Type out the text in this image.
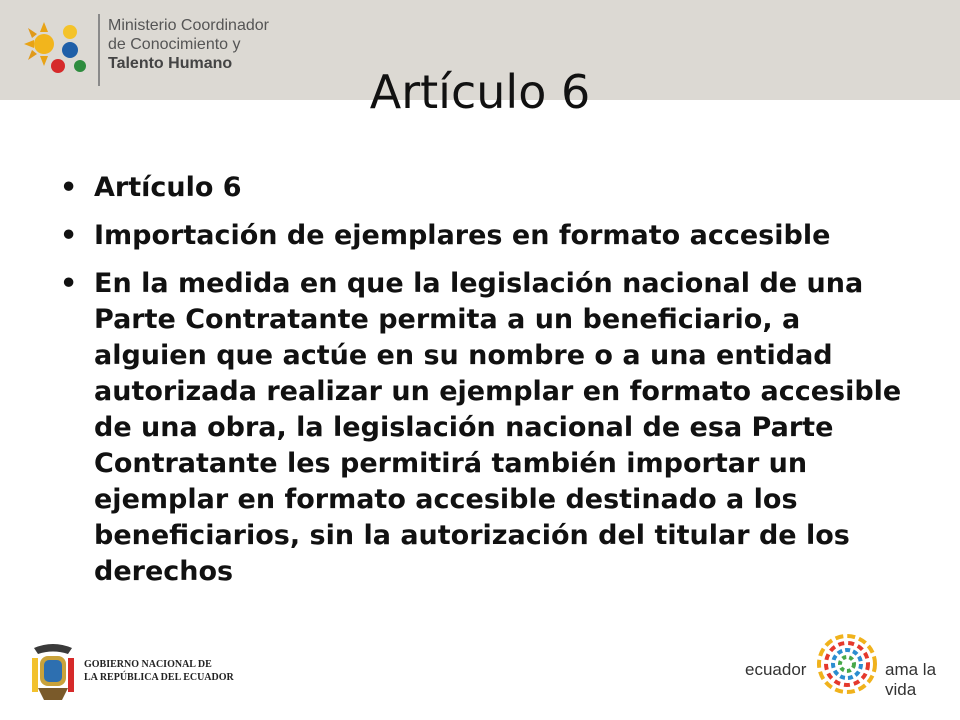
Ministerio Coordinador
de Conocimiento y
Talento Humano
Artículo 6
• Artículo 6
• Importación de ejemplares en formato accesible
• En la medida en que la legislación nacional de una Parte Contratante permita a un beneficiario, a alguien que actúe en su nombre o a una entidad autorizada realizar un ejemplar en formato accesible de una obra, la legislación nacional de esa Parte Contratante les permitirá también importar un ejemplar en formato accesible destinado a los beneficiarios, sin la autorización del titular de los derechos
GOBIERNO NACIONAL DE
LA REPÚBLICA DEL ECUADOR	ecuador	ama la vida
